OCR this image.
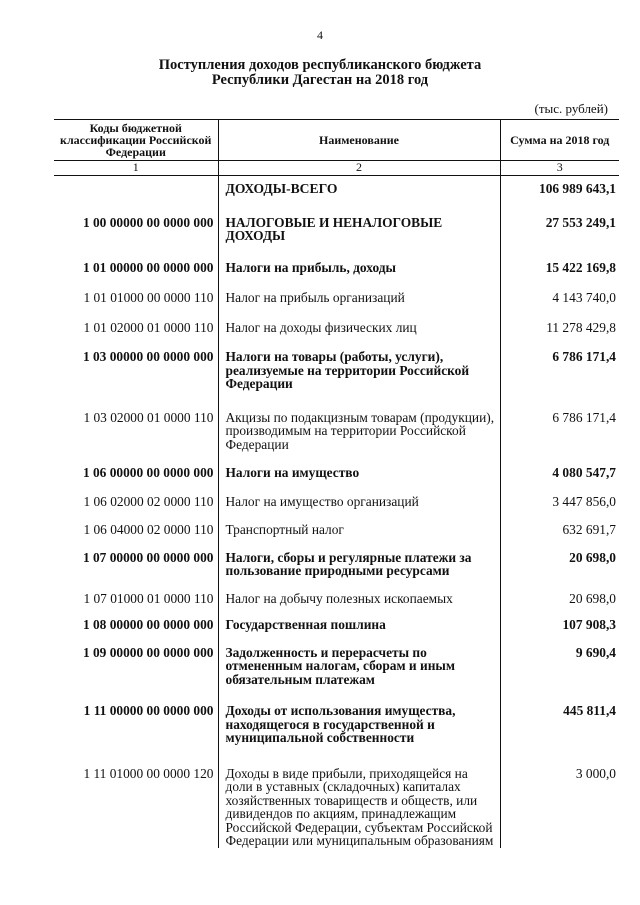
4
Поступления доходов республиканского бюджета
Республики Дагестан на 2018 год
(тыс. рублей)
Коды бюджетной классификации Российской Федерации	Наименование	Сумма на 2018 год
1	2	3
	ДОХОДЫ-ВСЕГО	106 989 643,1
1 00 00000 00 0000 000	НАЛОГОВЫЕ И НЕНАЛОГОВЫЕ ДОХОДЫ	27 553 249,1
1 01 00000 00 0000 000	Налоги на прибыль, доходы	15 422 169,8
1 01 01000 00 0000 110	Налог на прибыль организаций	4 143 740,0
1 01 02000 01 0000 110	Налог на доходы физических лиц	11 278 429,8
1 03 00000 00 0000 000	Налоги на товары (работы, услуги), реализуемые на территории Российской Федерации	6 786 171,4
1 03 02000 01 0000 110	Акцизы по подакцизным товарам (продукции), производимым на территории Российской Федерации	6 786 171,4
1 06 00000 00 0000 000	Налоги на имущество	4 080 547,7
1 06 02000 02 0000 110	Налог на имущество организаций	3 447 856,0
1 06 04000 02 0000 110	Транспортный налог	632 691,7
1 07 00000 00 0000 000	Налоги, сборы и регулярные платежи за пользование природными ресурсами	20 698,0
1 07 01000 01 0000 110	Налог на добычу полезных ископаемых	20 698,0
1 08 00000 00 0000 000	Государственная пошлина	107 908,3
1 09 00000 00 0000 000	Задолженность и перерасчеты по отмененным налогам, сборам и иным обязательным платежам	9 690,4
1 11 00000 00 0000 000	Доходы от использования имущества, находящегося в государственной и муниципальной собственности	445 811,4
1 11 01000 00 0000 120	Доходы в виде прибыли, приходящейся на доли в уставных (складочных) капиталах хозяйственных товариществ и обществ, или дивидендов по акциям, принадлежащим Российской Федерации, субъектам Российской Федерации или муниципальным образованиям	3 000,0
